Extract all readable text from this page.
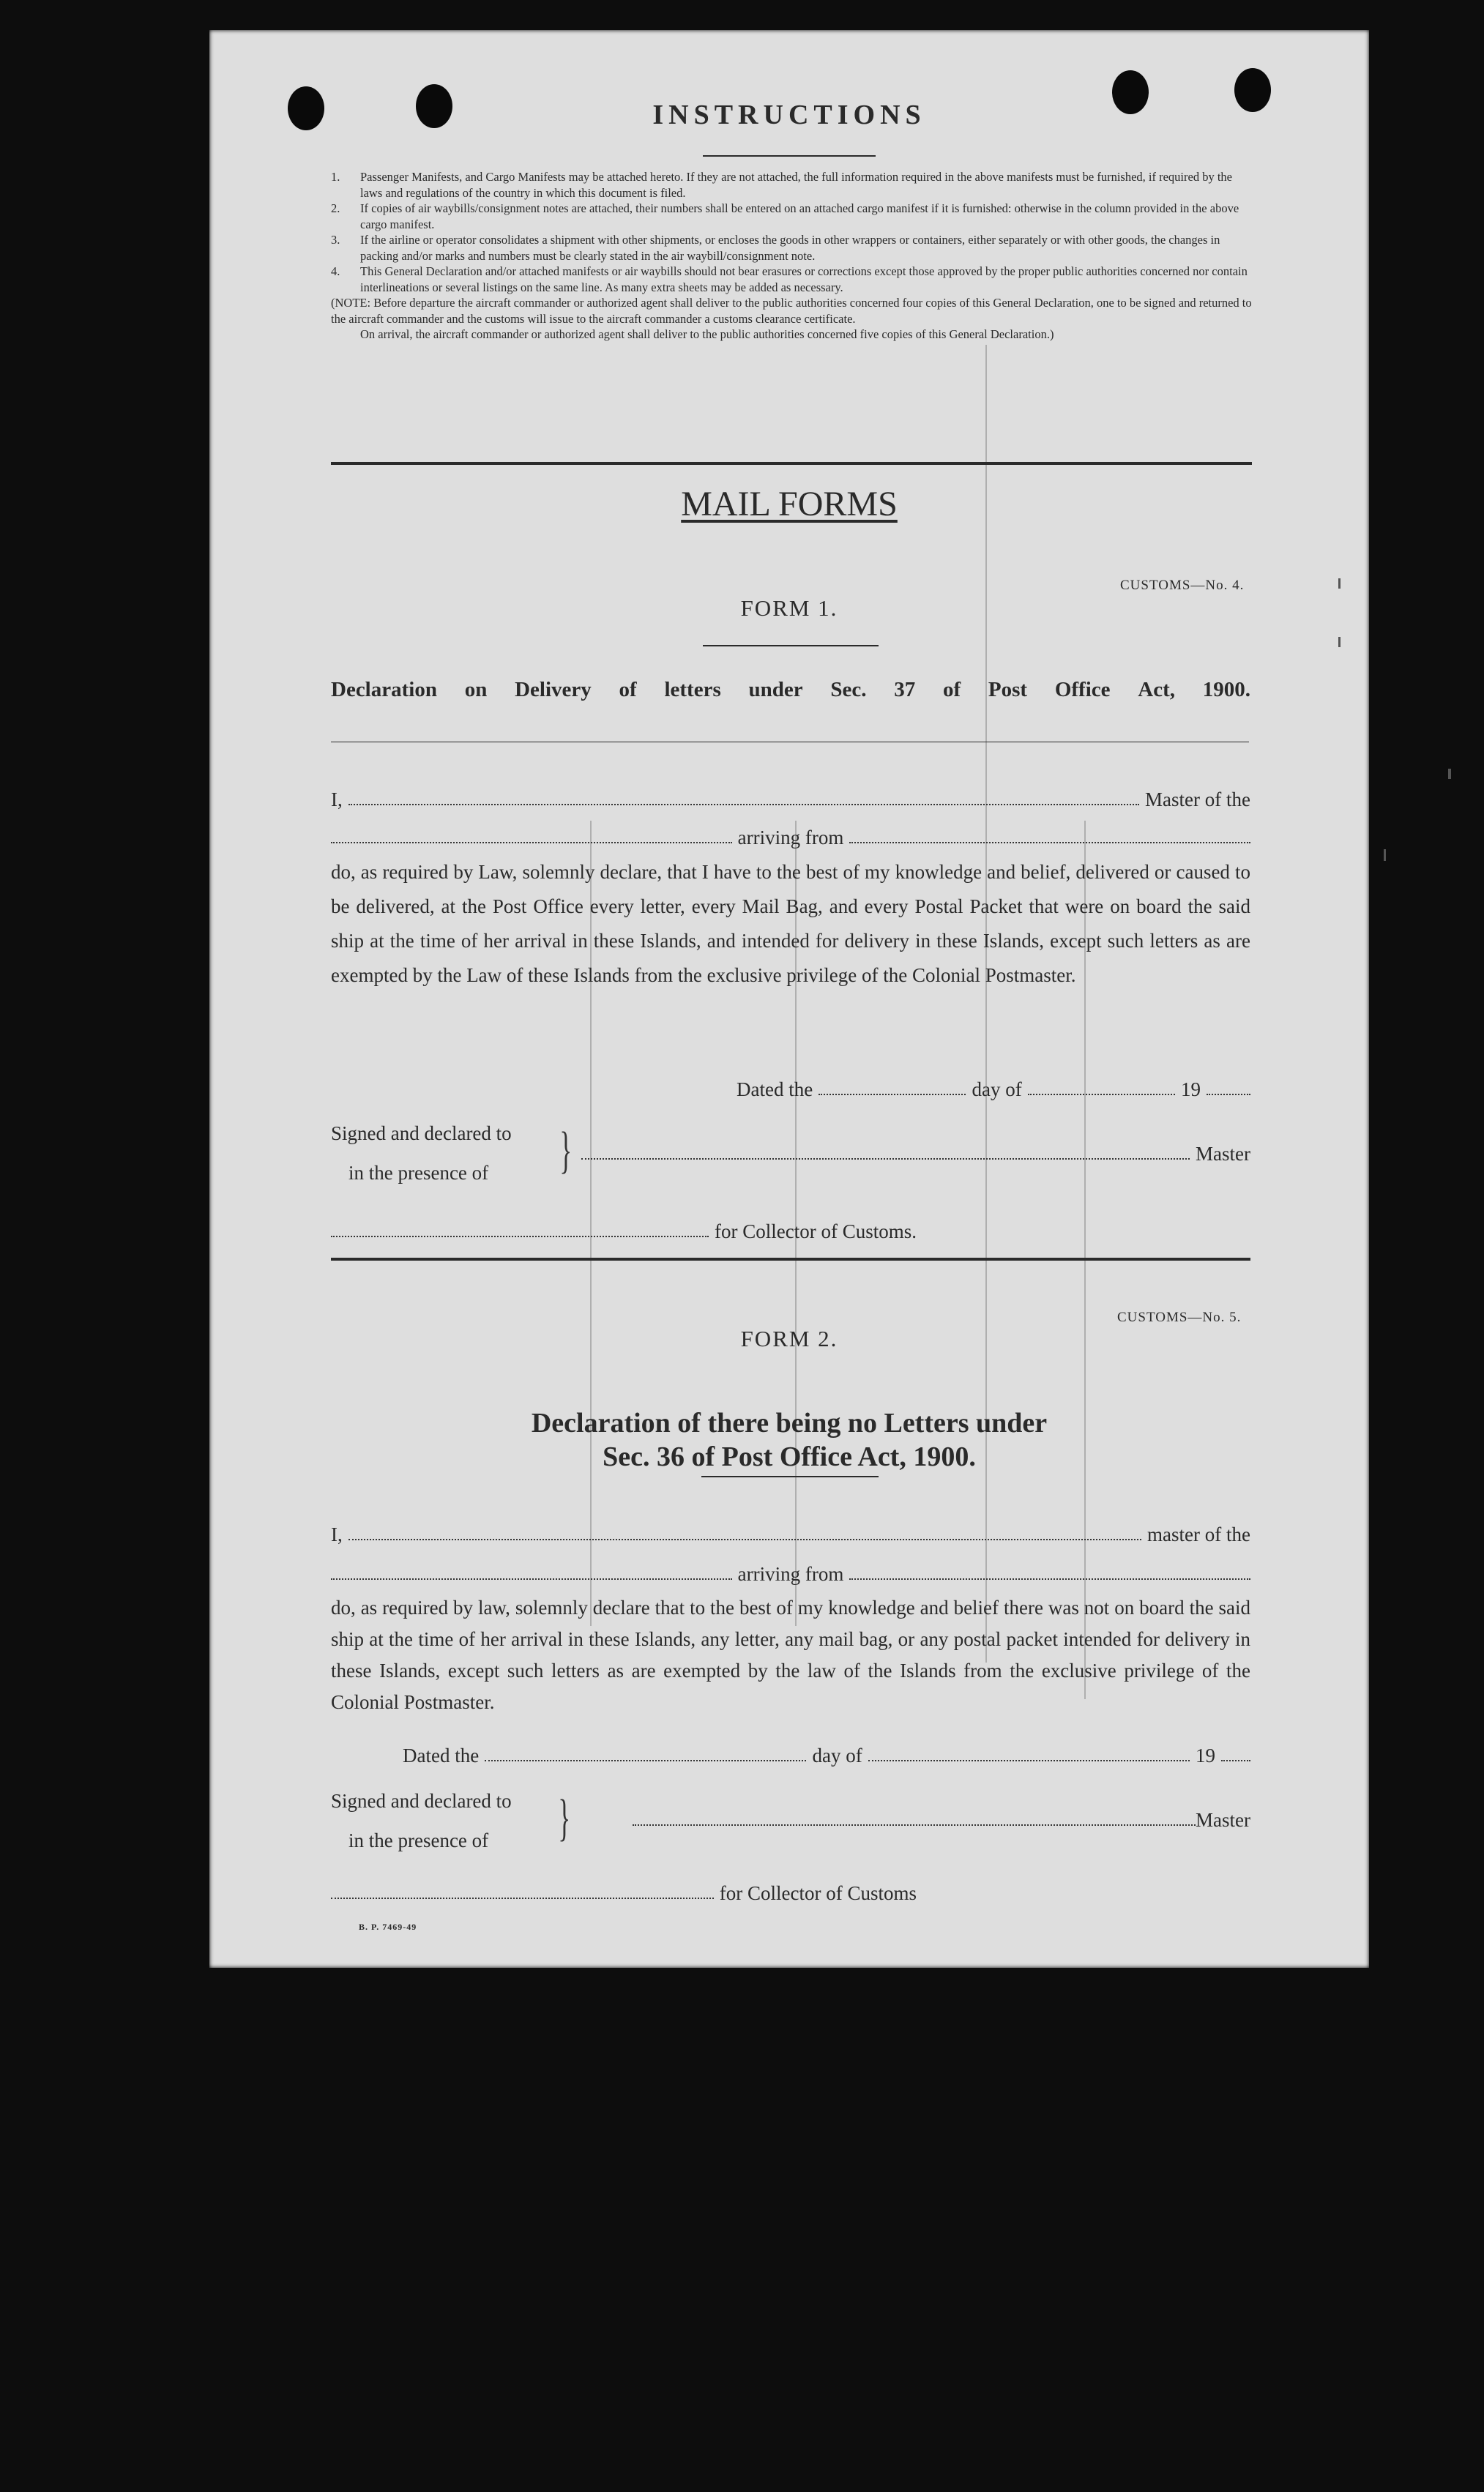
INSTRUCTIONS
1.	Passenger Manifests, and Cargo Manifests may be attached hereto. If they are not attached, the full information required in the above manifests must be furnished, if required by the laws and regulations of the country in which this document is filed.
2.	If copies of air waybills/consignment notes are attached, their numbers shall be entered on an attached cargo manifest if it is furnished: otherwise in the column provided in the above cargo manifest.
3.	If the airline or operator consolidates a shipment with other shipments, or encloses the goods in other wrappers or containers, either separately or with other goods, the changes in packing and/or marks and numbers must be clearly stated in the air waybill/consignment note.
4.	This General Declaration and/or attached manifests or air waybills should not bear erasures or corrections except those approved by the proper public authorities concerned nor contain interlineations or several listings on the same line. As many extra sheets may be added as necessary.
(NOTE: Before departure the aircraft commander or authorized agent shall deliver to the public authorities concerned four copies of this General Declaration, one to be signed and returned to the aircraft commander and the customs will issue to the aircraft commander a customs clearance certificate.
On arrival, the aircraft commander or authorized agent shall deliver to the public authorities concerned five copies of this General Declaration.)
MAIL FORMS
CUSTOMS—No. 4.
FORM 1.
Declaration on Delivery of letters under Sec. 37 of Post Office Act, 1900.
I,	Master of the
arriving from
do, as required by Law, solemnly declare, that I have to the best of my knowledge and belief, delivered or caused to be delivered, at the Post Office every letter, every Mail Bag, and every Postal Packet that were on board the said ship at the time of her arrival in these Islands, and intended for delivery in these Islands, except such letters as are exempted by the Law of these Islands from the exclusive privilege of the Colonial Postmaster.
Dated the	day of	19
Signed and declared to
in the presence of	}	Master
for Collector of Customs.
CUSTOMS—No. 5.
FORM 2.
Declaration of there being no Letters under
Sec. 36 of Post Office Act, 1900.
I,	master of the
arriving from
do, as required by law, solemnly declare that to the best of my knowledge and belief there was not on board the said ship at the time of her arrival in these Islands, any letter, any mail bag, or any postal packet intended for delivery in these Islands, except such letters as are exempted by the law of the Islands from the exclusive privilege of the Colonial Postmaster.
Dated the	day of	19
Signed and declared to
in the presence of	}	Master
for Collector of Customs
B. P. 7469-49
